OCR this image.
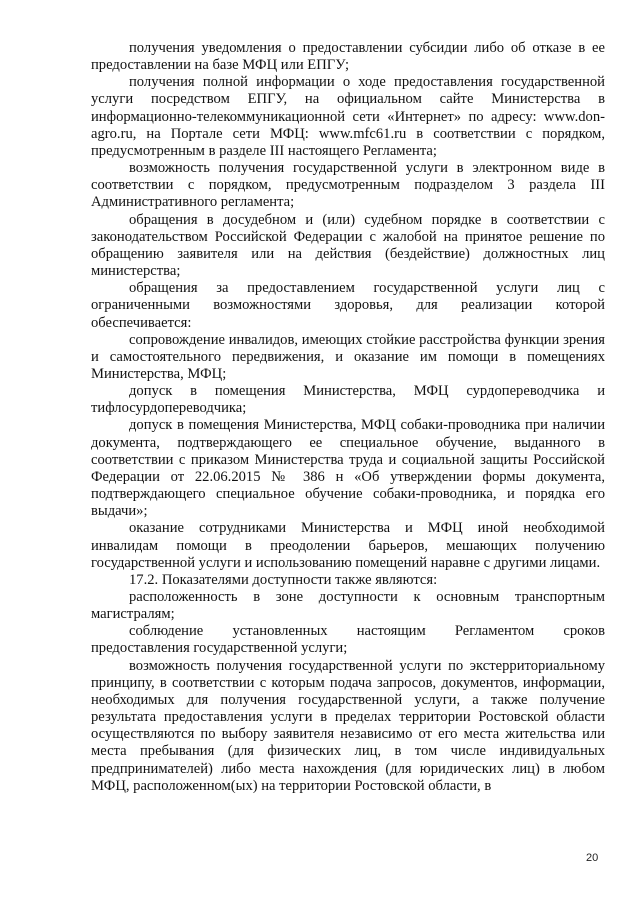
получения уведомления о предоставлении субсидии либо об отказе в ее предоставлении на базе МФЦ или ЕПГУ;

получения полной информации о ходе предоставления государственной услуги посредством ЕПГУ, на официальном сайте Министерства в информационно-телекоммуникационной сети «Интернет» по адресу: www.don-agro.ru, на Портале сети МФЦ: www.mfc61.ru в соответствии с порядком, предусмотренным в разделе III настоящего Регламента;

возможность получения государственной услуги в электронном виде в соответствии с порядком, предусмотренным подразделом 3 раздела III Административного регламента;

обращения в досудебном и (или) судебном порядке в соответствии с законодательством Российской Федерации с жалобой на принятое решение по обращению заявителя или на действия (бездействие) должностных лиц министерства;

обращения за предоставлением государственной услуги лиц с ограниченными возможностями здоровья, для реализации которой обеспечивается:

сопровождение инвалидов, имеющих стойкие расстройства функции зрения и самостоятельного передвижения, и оказание им помощи в помещениях Министерства, МФЦ;

допуск в помещения Министерства, МФЦ сурдопереводчика и тифлосурдопереводчика;

допуск в помещения Министерства, МФЦ собаки-проводника при наличии документа, подтверждающего ее специальное обучение, выданного в соответствии с приказом Министерства труда и социальной защиты Российской Федерации от 22.06.2015 № 386 н «Об утверждении формы документа, подтверждающего специальное обучение собаки-проводника, и порядка его выдачи»;

оказание сотрудниками Министерства и МФЦ иной необходимой инвалидам помощи в преодолении барьеров, мешающих получению государственной услуги и использованию помещений наравне с другими лицами.

17.2. Показателями доступности также являются:

расположенность в зоне доступности к основным транспортным магистралям;

соблюдение установленных настоящим Регламентом сроков предоставления государственной услуги;

возможность получения государственной услуги по экстерриториальному принципу, в соответствии с которым подача запросов, документов, информации, необходимых для получения государственной услуги, а также получение результата предоставления услуги в пределах территории Ростовской области осуществляются по выбору заявителя независимо от его места жительства или места пребывания (для физических лиц, в том числе индивидуальных предпринимателей) либо места нахождения (для юридических лиц) в любом МФЦ, расположенном(ых) на территории Ростовской области, в

20
